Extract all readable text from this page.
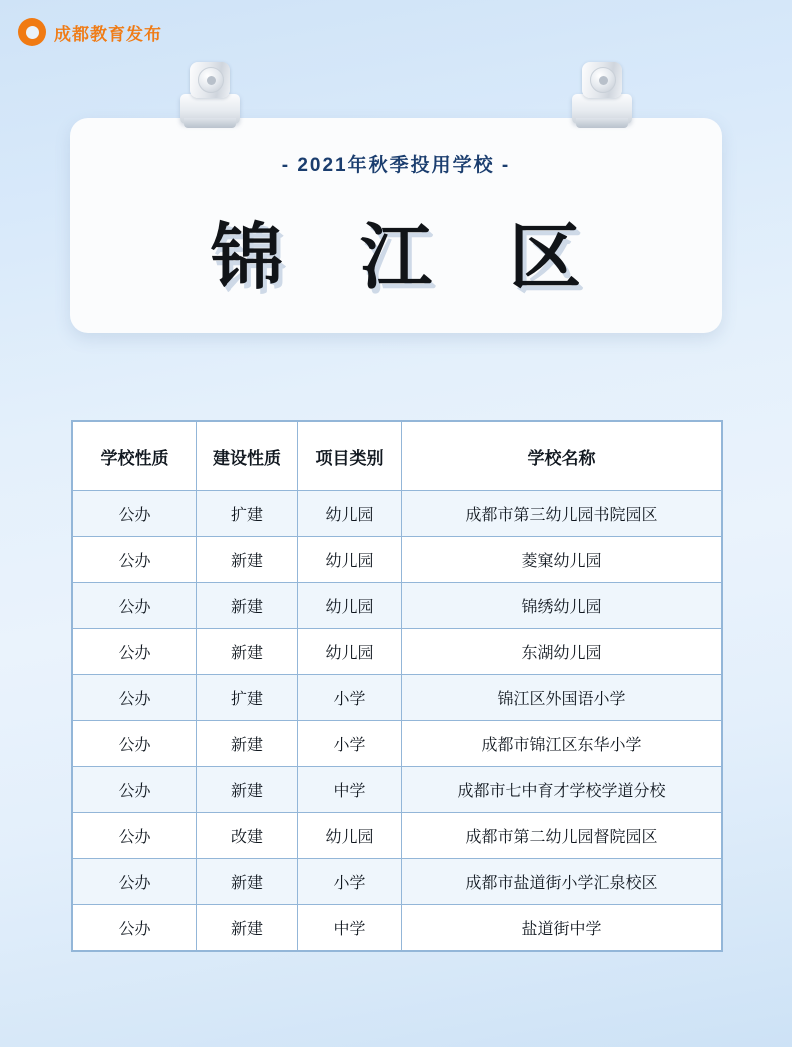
成都教育发布
- 2021年秋季投用学校 -
锦 江 区
学校性质	建设性质	项目类别	学校名称
公办	扩建	幼儿园	成都市第三幼儿园书院园区
公办	新建	幼儿园	菱窠幼儿园
公办	新建	幼儿园	锦绣幼儿园
公办	新建	幼儿园	东湖幼儿园
公办	扩建	小学	锦江区外国语小学
公办	新建	小学	成都市锦江区东华小学
公办	新建	中学	成都市七中育才学校学道分校
公办	改建	幼儿园	成都市第二幼儿园督院园区
公办	新建	小学	成都市盐道街小学汇泉校区
公办	新建	中学	盐道街中学
